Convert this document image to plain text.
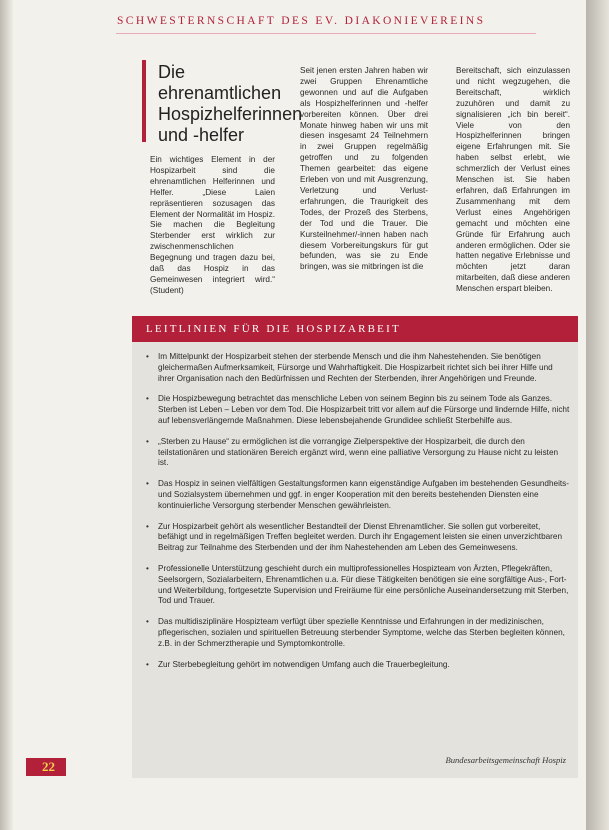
SCHWESTERNSCHAFT DES EV. DIAKONIEVEREINS
Die ehrenamtlichen Hospizhelferinnen und -helfer

Ein wichtiges Element in der Hospizarbeit sind die ehrenamtlichen Helferinnen und Helfer. „Diese Laien repräsentieren sozusagen das Element der Normalität im Hospiz. Sie machen die Begleitung Sterbender erst wirklich zur zwischenmenschlichen Begegnung und tragen dazu bei, daß das Hospiz in das Gemeinwesen integriert wird.“ (Student)

Seit jenen ersten Jahren haben wir zwei Gruppen Ehrenamtliche gewonnen und auf die Aufgaben als Hospizhelferinnen und -helfer vorbereiten können. Über drei Monate hinweg haben wir uns mit diesen insgesamt 24 Teilnehmern in zwei Gruppen regelmäßig getroffen und zu folgenden Themen gearbeitet: das eigene Erleben von und mit Ausgrenzung, Verletzung und Verlust-erfahrungen, die Traurigkeit des Todes, der Prozeß des Sterbens, der Tod und die Trauer. Die Kursteilnehmer/-innen haben nach diesem Vorbereitungskurs für gut befunden, was sie zu Ende bringen, was sie mitbringen ist die

Bereitschaft, sich einzulassen und nicht wegzugehen, die Bereitschaft, wirklich zuzuhören und damit zu signalisieren „ich bin bereit“. Viele von den Hospizhelferinnen bringen eigene Erfahrungen mit. Sie haben selbst erlebt, wie schmerzlich der Verlust eines Menschen ist. Sie haben erfahren, daß Erfahrungen im Zusammenhang mit dem Verlust eines Angehörigen gemacht und möchten eine Gründe für Erfahrung auch anderen ermöglichen. Oder sie hatten negative Erlebnisse und möchten jetzt daran mitarbeiten, daß diese anderen Menschen erspart bleiben.

LEITLINIEN FÜR DIE HOSPIZARBEIT
• Im Mittelpunkt der Hospizarbeit stehen der sterbende Mensch und die ihm Nahestehenden. Sie benötigen gleichermaßen Aufmerksamkeit, Fürsorge und Wahrhaftigkeit. Die Hospizarbeit richtet sich bei ihrer Hilfe und ihrer Organisation nach den Bedürfnissen und Rechten der Sterbenden, ihrer Angehörigen und Freunde.
• Die Hospizbewegung betrachtet das menschliche Leben von seinem Beginn bis zu seinem Tode als Ganzes. Sterben ist Leben – Leben vor dem Tod. Die Hospizarbeit tritt vor allem auf die Fürsorge und lindernde Hilfe, nicht auf lebensverlängernde Maßnahmen. Diese lebensbejahende Grundidee schließt Sterbehilfe aus.
• „Sterben zu Hause“ zu ermöglichen ist die vorrangige Zielperspektive der Hospizarbeit, die durch den teilstationären und stationären Bereich ergänzt wird, wenn eine palliative Versorgung zu Hause nicht zu leisten ist.
• Das Hospiz in seinen vielfältigen Gestaltungsformen kann eigenständige Aufgaben im bestehenden Gesundheits- und Sozialsystem übernehmen und ggf. in enger Kooperation mit den bereits bestehenden Diensten eine kontinuierliche Versorgung sterbender Menschen gewährleisten.
• Zur Hospizarbeit gehört als wesentlicher Bestandteil der Dienst Ehrenamtlicher. Sie sollen gut vorbereitet, befähigt und in regelmäßigen Treffen begleitet werden. Durch ihr Engagement leisten sie einen unverzichtbaren Beitrag zur Teilnahme des Sterbenden und der ihm Nahestehenden am Leben des Gemeinwesens.
• Professionelle Unterstützung geschieht durch ein multiprofessionelles Hospizteam von Ärzten, Pflegekräften, Seelsorgern, Sozialarbeitern, Ehrenamtlichen u.a. Für diese Tätigkeiten benötigen sie eine sorgfältige Aus-, Fort- und Weiterbildung, fortgesetzte Supervision und Freiräume für eine persönliche Auseinandersetzung mit Sterben, Tod und Trauer.
• Das multidisziplinäre Hospizteam verfügt über spezielle Kenntnisse und Erfahrungen in der medizinischen, pflegerischen, sozialen und spirituellen Betreuung sterbender Symptome, welche das Sterben begleiten können, z.B. in der Schmerztherapie und Symptomkontrolle.
• Zur Sterbebegleitung gehört im notwendigen Umfang auch die Trauerbegleitung.
Bundesarbeitsgemeinschaft Hospiz
22
